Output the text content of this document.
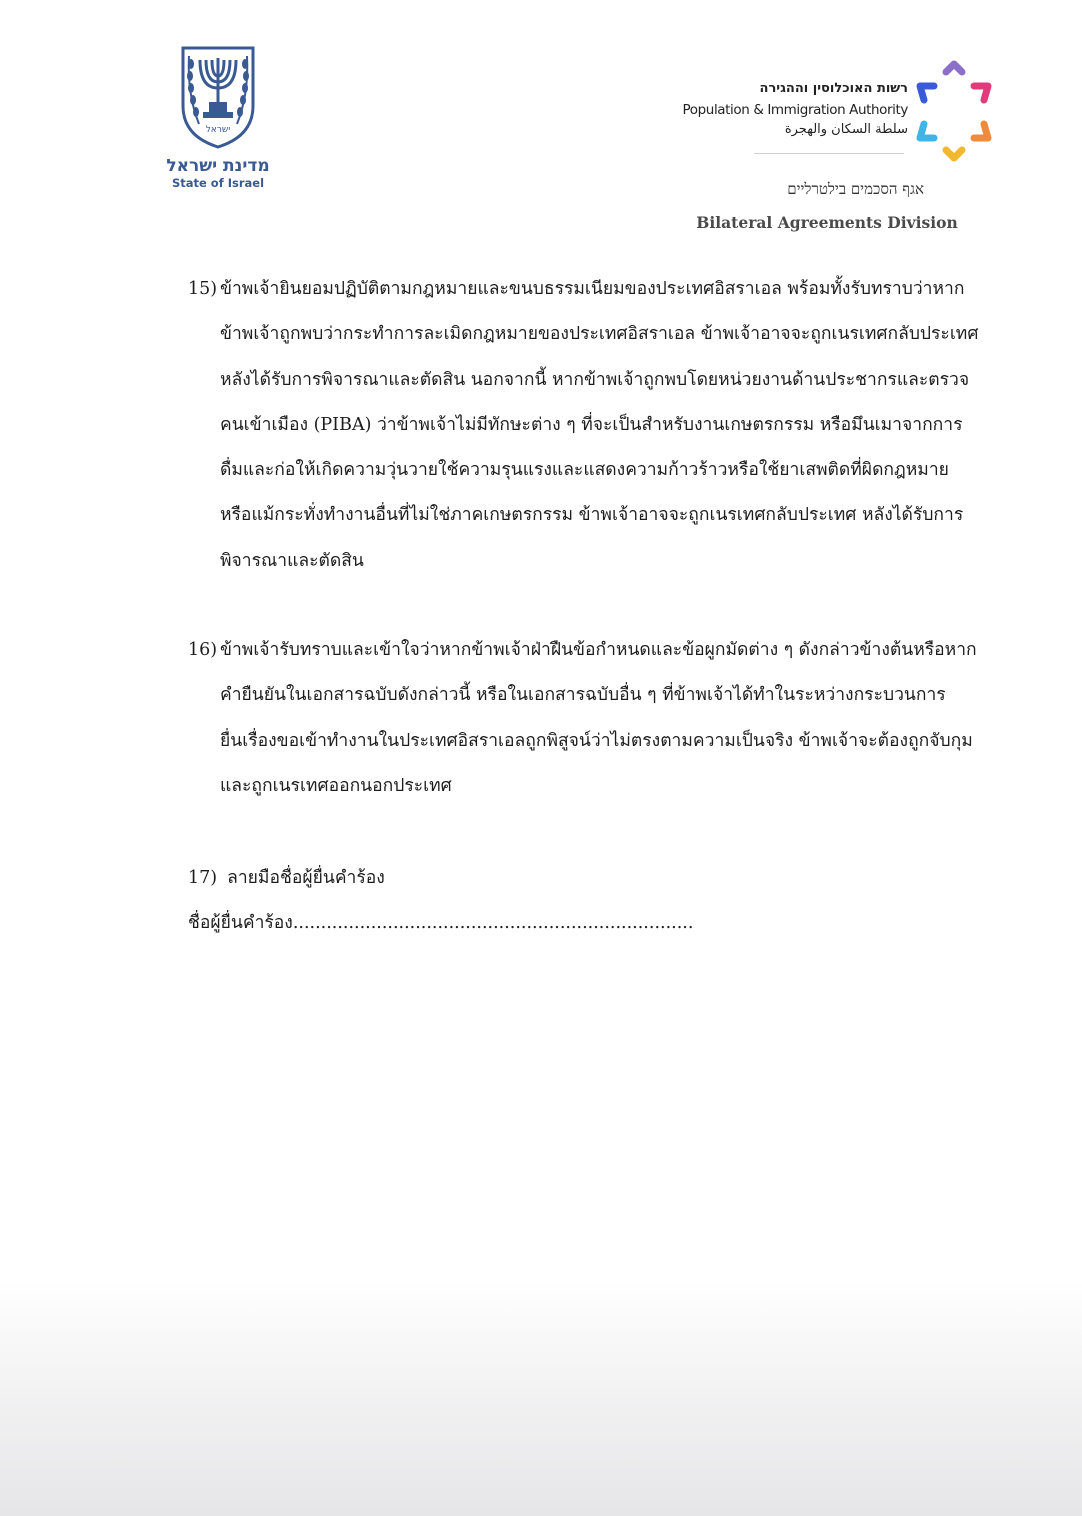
ישראל
מדינת ישראל
State of Israel
רשות האוכלוסין וההגירה
Population & Immigration Authority
سلطة السكان والهجرة
אגף הסכמים בילטרליים
Bilateral Agreements Division
15) ข้าพเจ้ายินยอมปฏิบัติตามกฎหมายและขนบธรรมเนียมของประเทศอิสราเอล พร้อมทั้งรับทราบว่าหาก
ข้าพเจ้าถูกพบว่ากระทำการละเมิดกฎหมายของประเทศอิสราเอล ข้าพเจ้าอาจจะถูกเนรเทศกลับประเทศ
หลังได้รับการพิจารณาและตัดสิน นอกจากนี้ หากข้าพเจ้าถูกพบโดยหน่วยงานด้านประชากรและตรวจ
คนเข้าเมือง (PIBA) ว่าข้าพเจ้าไม่มีทักษะต่าง ๆ ที่จะเป็นสำหรับงานเกษตรกรรม หรือมึนเมาจากการ
ดื่มและก่อให้เกิดความวุ่นวายใช้ความรุนแรงและแสดงความก้าวร้าวหรือใช้ยาเสพติดที่ผิดกฎหมาย
หรือแม้กระทั่งทำงานอื่นที่ไม่ใช่ภาคเกษตรกรรม ข้าพเจ้าอาจจะถูกเนรเทศกลับประเทศ หลังได้รับการ
พิจารณาและตัดสิน
16) ข้าพเจ้ารับทราบและเข้าใจว่าหากข้าพเจ้าฝ่าฝืนข้อกำหนดและข้อผูกมัดต่าง ๆ ดังกล่าวข้างต้นหรือหาก
คำยืนยันในเอกสารฉบับดังกล่าวนี้ หรือในเอกสารฉบับอื่น ๆ ที่ข้าพเจ้าได้ทำในระหว่างกระบวนการ
ยื่นเรื่องขอเข้าทำงานในประเทศอิสราเอลถูกพิสูจน์ว่าไม่ตรงตามความเป็นจริง ข้าพเจ้าจะต้องถูกจับกุม
และถูกเนรเทศออกนอกประเทศ
17) ลายมือชื่อผู้ยื่นคำร้อง
ชื่อผู้ยื่นคำร้อง........................................................................
